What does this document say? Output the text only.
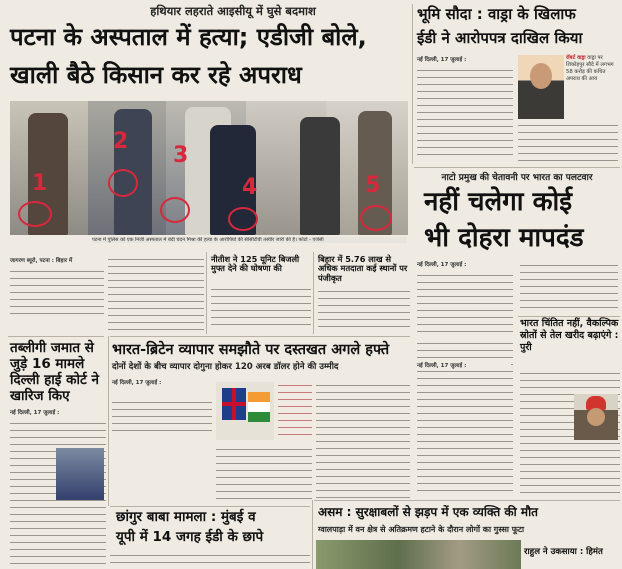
हथियार लहराते आइसीयू में घुसे बदमाश
पटना के अस्पताल में हत्या; एडीजी बोले,
खाली बैठे किसान कर रहे अपराध
1
2
3
4	5
पटना में पुलिस को एक निजी अस्पताल में बंदी चंदन मिश्रा की हत्या के आरोपियों की सीसीटीवी तस्वीर जारी की है। फोटो - एजेंसी
जागरण ब्यूरो, पटना : बिहार में	नीतीश ने 125 यूनिट बिजली मुफ्त देने की घोषणा की
बिहार में 5.76 लाख से अधिक मतदाता कई स्थानों पर पंजीकृत
भूमि सौदा : वाड्रा के खिलाफ
ईडी ने आरोपपत्र दाखिल किया
नई दिल्ली, 17 जुलाई :	रॉबर्ट वाड्रा वाड्रा पर शिकोहपुर सौदे में लगभग 58 करोड़ की कथित अपराध की आय
नाटो प्रमुख की चेतावनी पर भारत का पलटवार
नहीं चलेगा कोई
भी दोहरा मापदंड
नई दिल्ली, 17 जुलाई :
तब्लीगी जमात से जुड़े 16 मामले दिल्ली हाई कोर्ट ने खारिज किए
नई दिल्ली, 17 जुलाई :
भारत-ब्रिटेन व्यापार समझौते पर दस्तखत अगले हफ्ते
दोनों देशों के बीच व्यापार दोगुना होकर 120 अरब डॉलर होने की उम्मीद
नई दिल्ली, 17 जुलाई :
भारत चिंतित नहीं, वैकल्पिक स्रोतों से तेल खरीद बढ़ाएंगे : पुरी
नई दिल्ली, 17 जुलाई :
छांगुर बाबा मामला : मुंबई व
यूपी में 14 जगह ईडी के छापे
असम : सुरक्षाबलों से झड़प में एक व्यक्ति की मौत
ग्वालपाड़ा में वन क्षेत्र से अतिक्रमण हटाने के दौरान लोगों का गुस्सा फूटा
राहुल ने उकसाया : हिमंत
